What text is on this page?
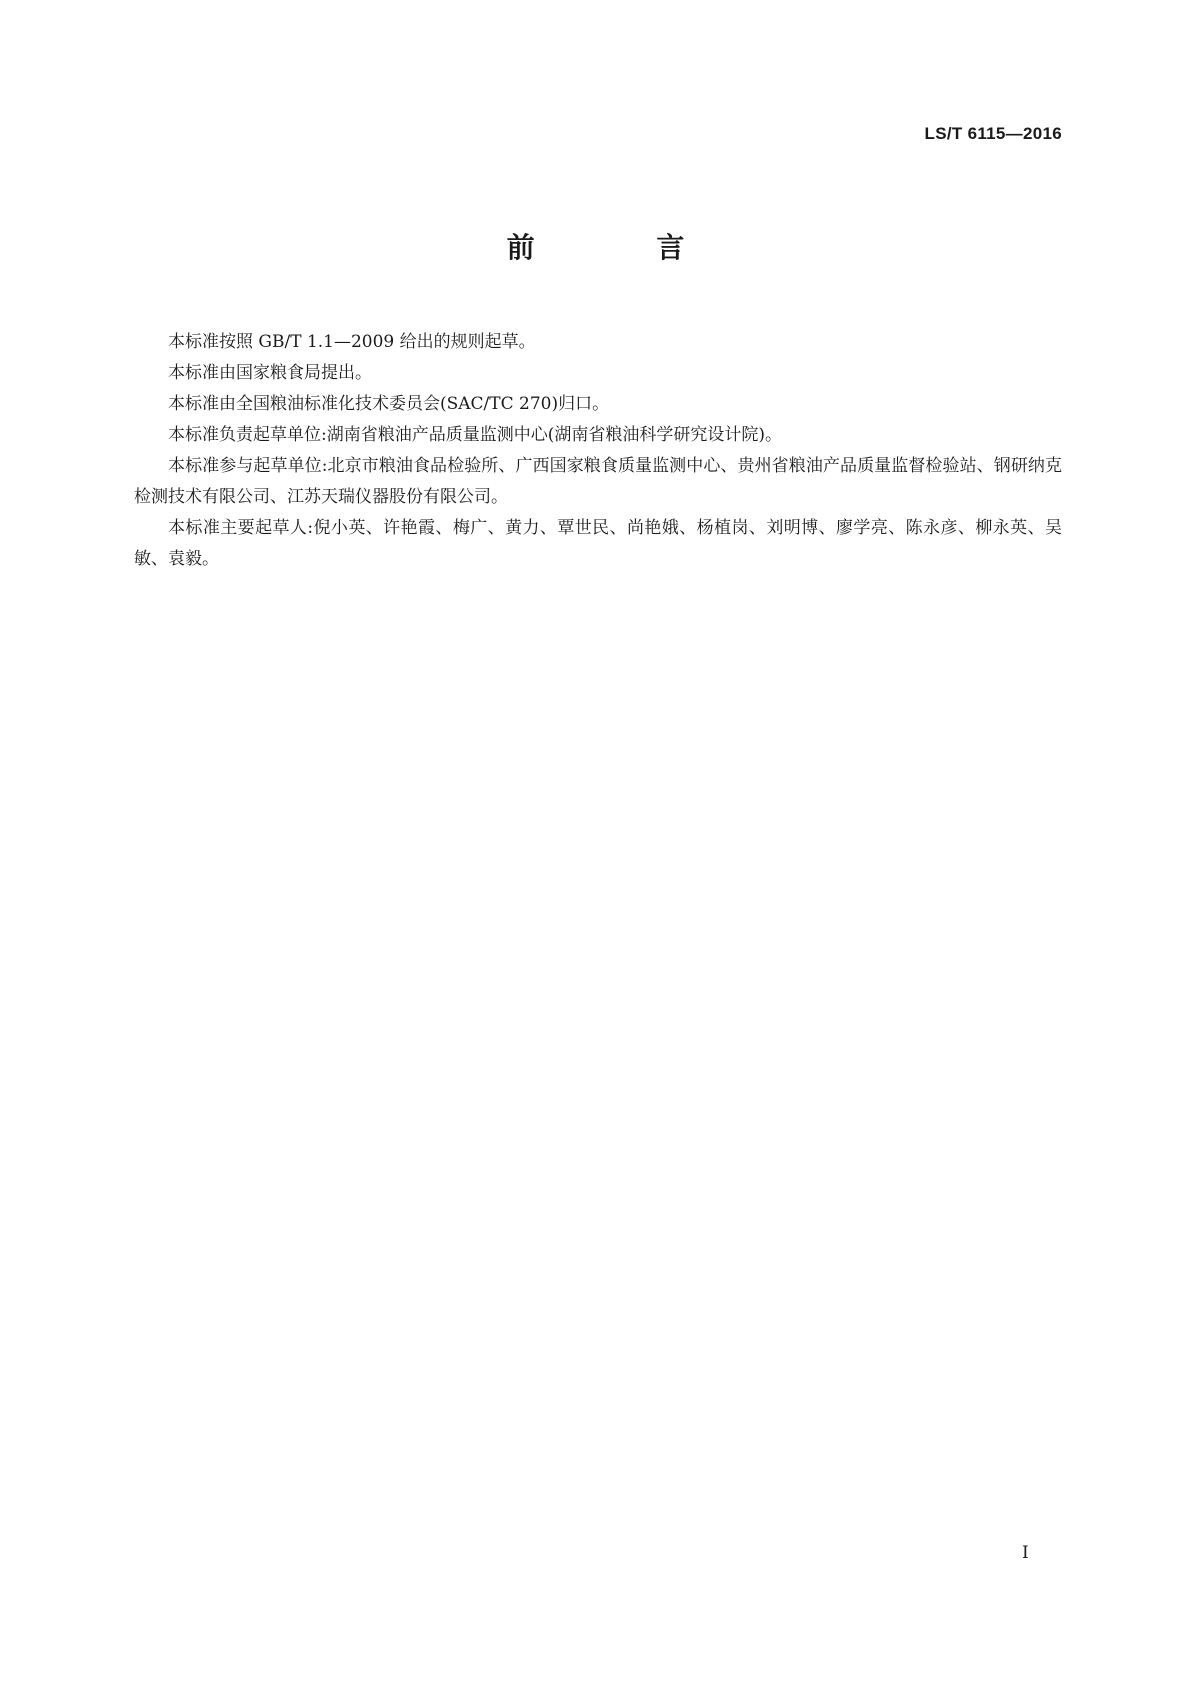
LS/T 6115—2016
前 言

本标准按照 GB/T 1.1—2009 给出的规则起草。

本标准由国家粮食局提出。

本标准由全国粮油标准化技术委员会(SAC/TC 270)归口。

本标准负责起草单位:湖南省粮油产品质量监测中心(湖南省粮油科学研究设计院)。

本标准参与起草单位:北京市粮油食品检验所、广西国家粮食质量监测中心、贵州省粮油产品质量监督检验站、钢研纳克检测技术有限公司、江苏天瑞仪器股份有限公司。

本标准主要起草人:倪小英、许艳霞、梅广、黄力、覃世民、尚艳娥、杨植岗、刘明博、廖学亮、陈永彦、柳永英、吴敏、袁毅。

I
